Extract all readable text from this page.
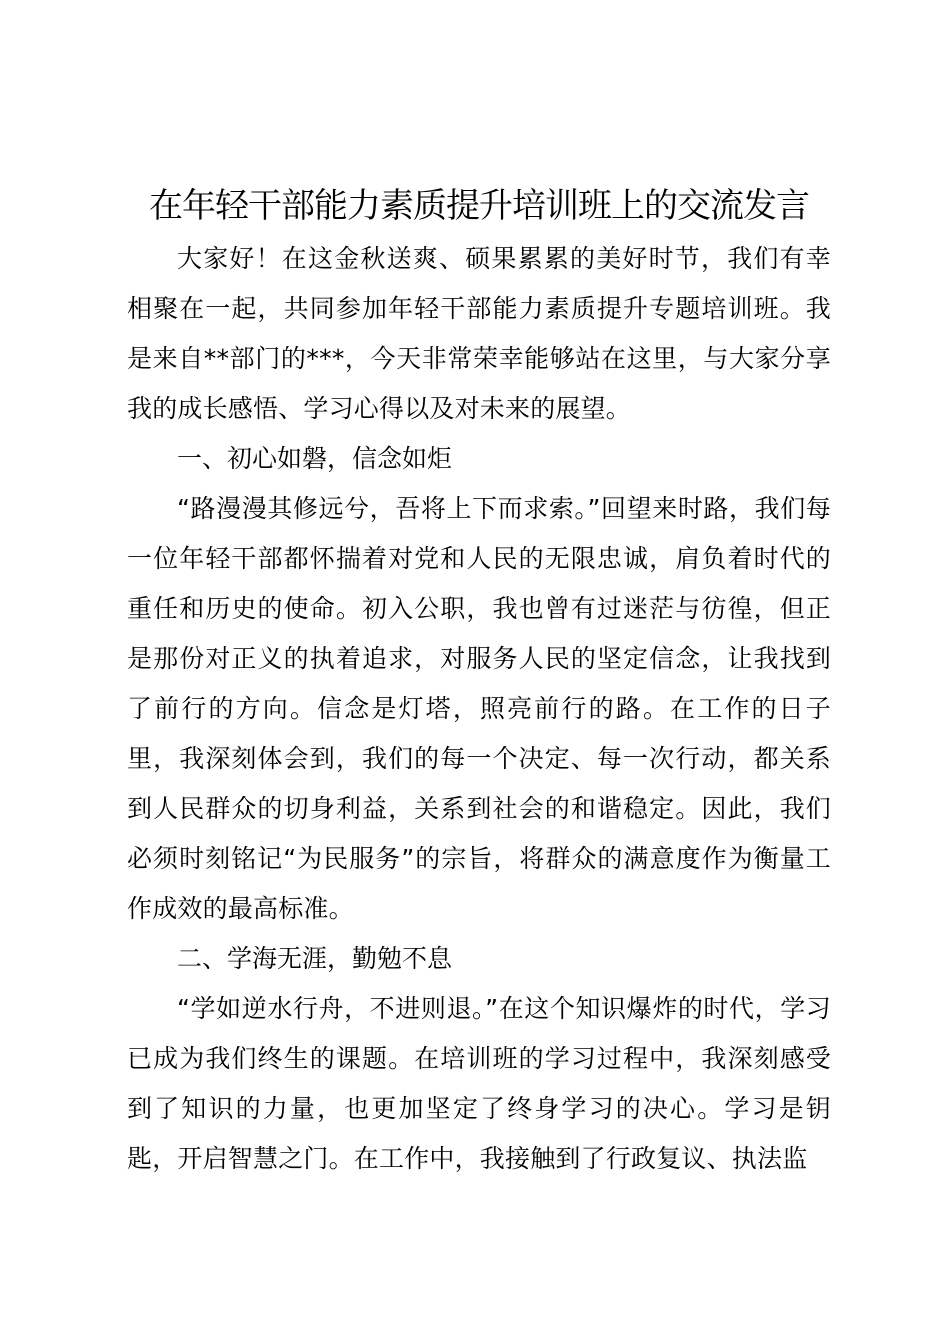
在年轻干部能力素质提升培训班上的交流发言

大家好！在这金秋送爽、硕果累累的美好时节，我们有幸相聚在一起，共同参加年轻干部能力素质提升专题培训班。我是来自**部门的***，今天非常荣幸能够站在这里，与大家分享我的成长感悟、学习心得以及对未来的展望。

一、初心如磐，信念如炬

“路漫漫其修远兮，吾将上下而求索。”回望来时路，我们每一位年轻干部都怀揣着对党和人民的无限忠诚，肩负着时代的重任和历史的使命。初入公职，我也曾有过迷茫与彷徨，但正是那份对正义的执着追求，对服务人民的坚定信念，让我找到了前行的方向。信念是灯塔，照亮前行的路。在工作的日子里，我深刻体会到，我们的每一个决定、每一次行动，都关系到人民群众的切身利益，关系到社会的和谐稳定。因此，我们必须时刻铭记“为民服务”的宗旨，将群众的满意度作为衡量工作成效的最高标准。

二、学海无涯，勤勉不息

“学如逆水行舟，不进则退。”在这个知识爆炸的时代，学习已成为我们终生的课题。在培训班的学习过程中，我深刻感受到了知识的力量，也更加坚定了终身学习的决心。学习是钥匙，开启智慧之门。在工作中，我接触到了行政复议、执法监
